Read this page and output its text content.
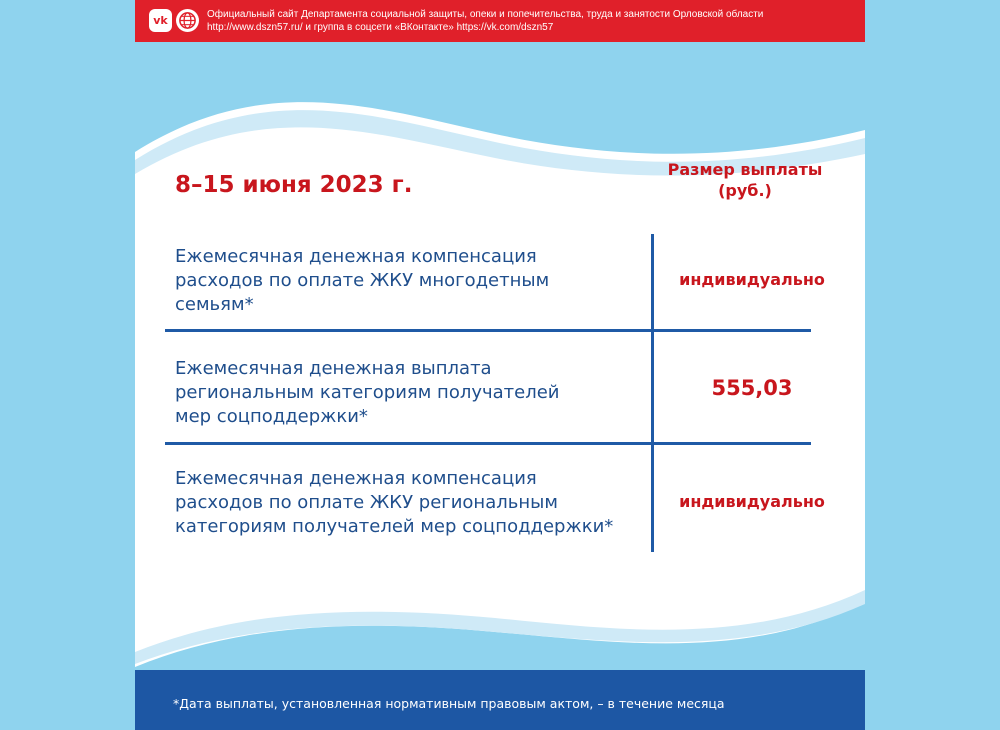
vk	Официальный сайт Департамента социальной защиты, опеки и попечительства, труда и занятости Орловской области
http://www.dszn57.ru/ и группа в соцсети «ВКонтакте» https://vk.com/dszn57
8–15 июня 2023 г.
Размер выплаты
(руб.)
Ежемесячная денежная компенсация
расходов по оплате ЖКУ многодетным
семьям*
индивидуально
Ежемесячная денежная выплата
региональным категориям получателей
мер соцподдержки*
555,03
Ежемесячная денежная компенсация
расходов по оплате ЖКУ региональным
категориям получателей мер соцподдержки*
индивидуально
*Дата выплаты, установленная нормативным правовым актом, – в течение месяца
